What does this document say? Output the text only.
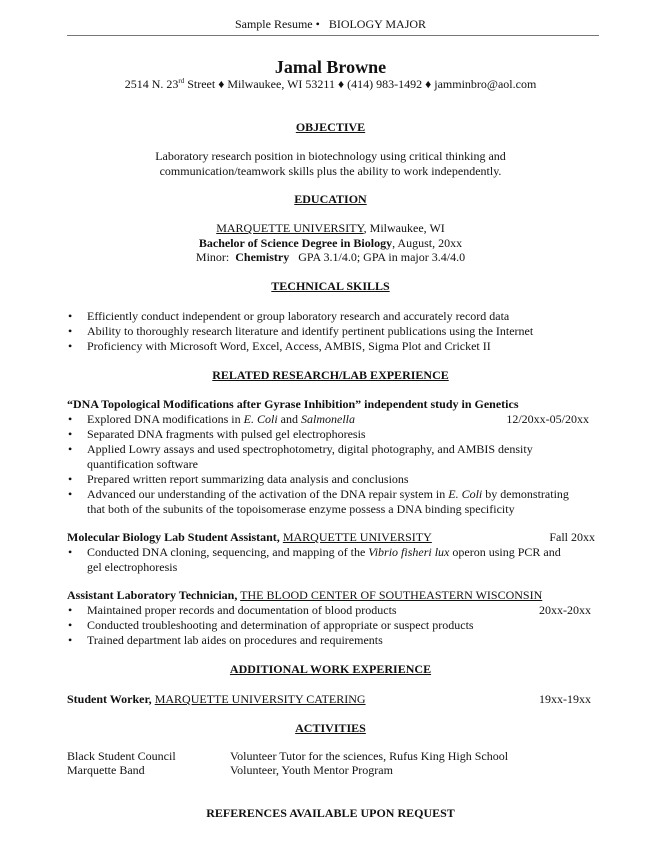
Sample Resume • BIOLOGY MAJOR
Jamal Browne
2514 N. 23rd Street ♦ Milwaukee, WI 53211 ♦ (414) 983-1492 ♦ jamminbro@aol.com
OBJECTIVE
Laboratory research position in biotechnology using critical thinking and
communication/teamwork skills plus the ability to work independently.
EDUCATION
MARQUETTE UNIVERSITY, Milwaukee, WI
Bachelor of Science Degree in Biology, August, 20xx
Minor: Chemistry GPA 3.1/4.0; GPA in major 3.4/4.0
TECHNICAL SKILLS
• Efficiently conduct independent or group laboratory research and accurately record data
• Ability to thoroughly research literature and identify pertinent publications using the Internet
• Proficiency with Microsoft Word, Excel, Access, AMBIS, Sigma Plot and Cricket II
RELATED RESEARCH/LAB EXPERIENCE
“DNA Topological Modifications after Gyrase Inhibition” independent study in Genetics
• Explored DNA modifications in E. Coli and Salmonella	12/20xx-05/20xx
• Separated DNA fragments with pulsed gel electrophoresis
• Applied Lowry assays and used spectrophotometry, digital photography, and AMBIS density
quantification software
• Prepared written report summarizing data analysis and conclusions
• Advanced our understanding of the activation of the DNA repair system in E. Coli by demonstrating
that both of the subunits of the topoisomerase enzyme possess a DNA binding specificity
Molecular Biology Lab Student Assistant, MARQUETTE UNIVERSITY	Fall 20xx
• Conducted DNA cloning, sequencing, and mapping of the Vibrio fisheri lux operon using PCR and
gel electrophoresis
Assistant Laboratory Technician, THE BLOOD CENTER OF SOUTHEASTERN WISCONSIN
• Maintained proper records and documentation of blood products	20xx-20xx
• Conducted troubleshooting and determination of appropriate or suspect products
• Trained department lab aides on procedures and requirements
ADDITIONAL WORK EXPERIENCE
Student Worker, MARQUETTE UNIVERSITY CATERING	19xx-19xx
ACTIVITIES
Black Student Council	Volunteer Tutor for the sciences, Rufus King High School
Marquette Band	Volunteer, Youth Mentor Program
REFERENCES AVAILABLE UPON REQUEST
